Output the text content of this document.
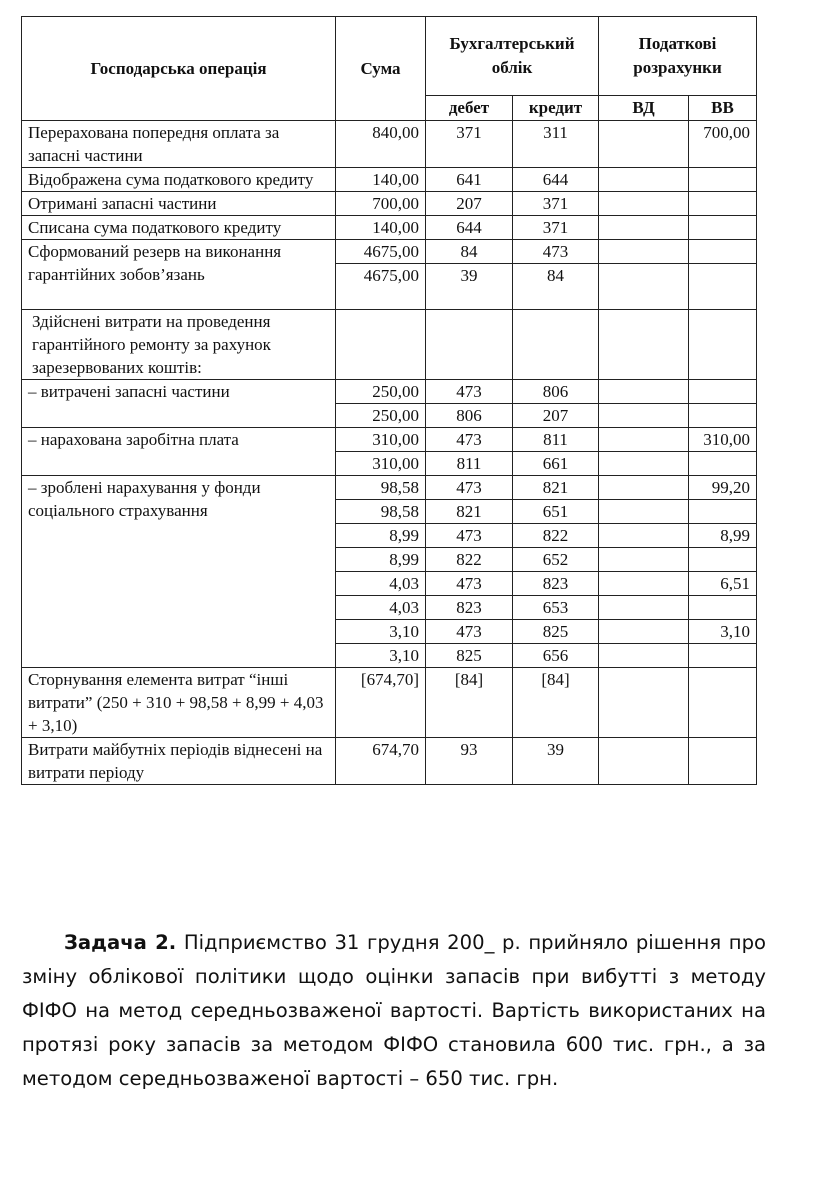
Господарська операція	Сума	Бухгалтерський облік		Податкові розрахунки	
		дебет	кредит	ВД	ВВ
Перерахована попередня оплата за запасні частини	840,00	371	311		700,00
Відображена сума податкового кредиту	140,00	641	644		
Отримані запасні частини	700,00	207	371		
Списана сума податкового кредиту	140,00	644	371		
Сформований резерв на виконання гарантійних зобов’язань	4675,00	84	473		
	4675,00	39	84		
Здійснені витрати на проведення гарантійного ремонту за рахунок зарезервованих коштів:					
– витрачені запасні частини	250,00	473	806		
	250,00	806	207		
– нарахована заробітна плата	310,00	473	811		310,00
	310,00	811	661		
– зроблені нарахування у фонди соціального страхування	98,58	473	821		99,20
	98,58	821	651		
	8,99	473	822		8,99
	8,99	822	652		
	4,03	473	823		6,51
	4,03	823	653		
	3,10	473	825		3,10
	3,10	825	656		
Сторнування елемента витрат “інші витрати” (250 + 310 + 98,58 + 8,99 + 4,03 + 3,10)	[674,70]	[84]	[84]		
Витрати майбутніх періодів віднесені на витрати періоду	674,70	93	39		

Задача 2. Підприємство 31 грудня 200_ р. прийняло рішення про зміну облікової політики щодо оцінки запасів при вибутті з методу ФІФО на метод середньозваженої вартості. Вартість використаних на протязі року запасів за методом ФІФО становила 600 тис. грн., а за методом середньозваженої вартості – 650 тис. грн.
